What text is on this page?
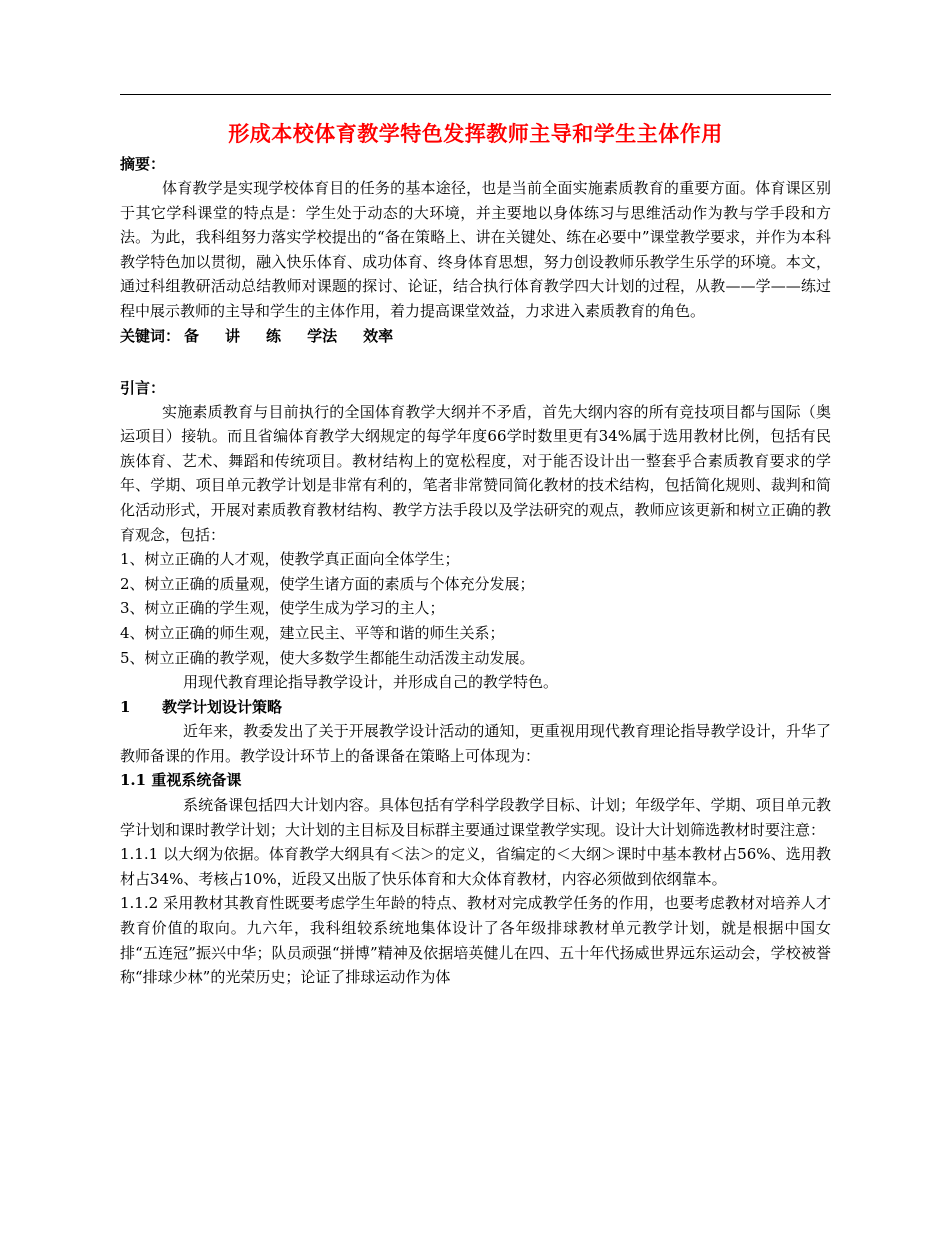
形成本校体育教学特色发挥教师主导和学生主体作用
摘要：

体育教学是实现学校体育目的任务的基本途径，也是当前全面实施素质教育的重要方面。体育课区别于其它学科课堂的特点是：学生处于动态的大环境，并主要地以身体练习与思维活动作为教与学手段和方法。为此，我科组努力落实学校提出的“备在策略上、讲在关键处、练在必要中”课堂教学要求，并作为本科教学特色加以贯彻，融入快乐体育、成功体育、终身体育思想，努力创设教师乐教学生乐学的环境。本文，通过科组教研活动总结教师对课题的探讨、论证，结合执行体育教学四大计划的过程，从教——学——练过程中展示教师的主导和学生的主体作用，着力提高课堂效益，力求进入素质教育的角色。

关键词： 备 讲 练 学法 效率
引言：

实施素质教育与目前执行的全国体育教学大纲并不矛盾，首先大纲内容的所有竞技项目都与国际（奥运项目）接轨。而且省编体育教学大纲规定的每学年度66学时数里更有34%属于选用教材比例，包括有民族体育、艺术、舞蹈和传统项目。教材结构上的宽松程度，对于能否设计出一整套乎合素质教育要求的学年、学期、项目单元教学计划是非常有利的，笔者非常赞同简化教材的技术结构，包括简化规则、裁判和简化活动形式，开展对素质教育教材结构、教学方法手段以及学法研究的观点，教师应该更新和树立正确的教育观念，包括：

1、树立正确的人才观，使教学真正面向全体学生；

2、树立正确的质量观，使学生诸方面的素质与个体充分发展；

3、树立正确的学生观，使学生成为学习的主人；

4、树立正确的师生观，建立民主、平等和谐的师生关系；

5、树立正确的教学观，使大多数学生都能生动活泼主动发展。

用现代教育理论指导教学设计，并形成自己的教学特色。

1 教学计划设计策略

近年来，教委发出了关于开展教学设计活动的通知，更重视用现代教育理论指导教学设计，升华了教师备课的作用。教学设计环节上的备课备在策略上可体现为：

1.1 重视系统备课

系统备课包括四大计划内容。具体包括有学科学段教学目标、计划；年级学年、学期、项目单元教学计划和课时教学计划；大计划的主目标及目标群主要通过课堂教学实现。设计大计划筛选教材时要注意：

1.1.1 以大纲为依据。体育教学大纲具有＜法＞的定义，省编定的＜大纲＞课时中基本教材占56%、选用教材占34%、考核占10%，近段又出版了快乐体育和大众体育教材，内容必须做到依纲靠本。

1.1.2 采用教材其教育性既要考虑学生年龄的特点、教材对完成教学任务的作用，也要考虑教材对培养人才教育价值的取向。九六年，我科组较系统地集体设计了各年级排球教材单元教学计划，就是根据中国女排“五连冠”振兴中华；队员顽强“拼博”精神及依据培英健儿在四、五十年代扬威世界远东运动会，学校被誉称“排球少林”的光荣历史；论证了排球运动作为体
